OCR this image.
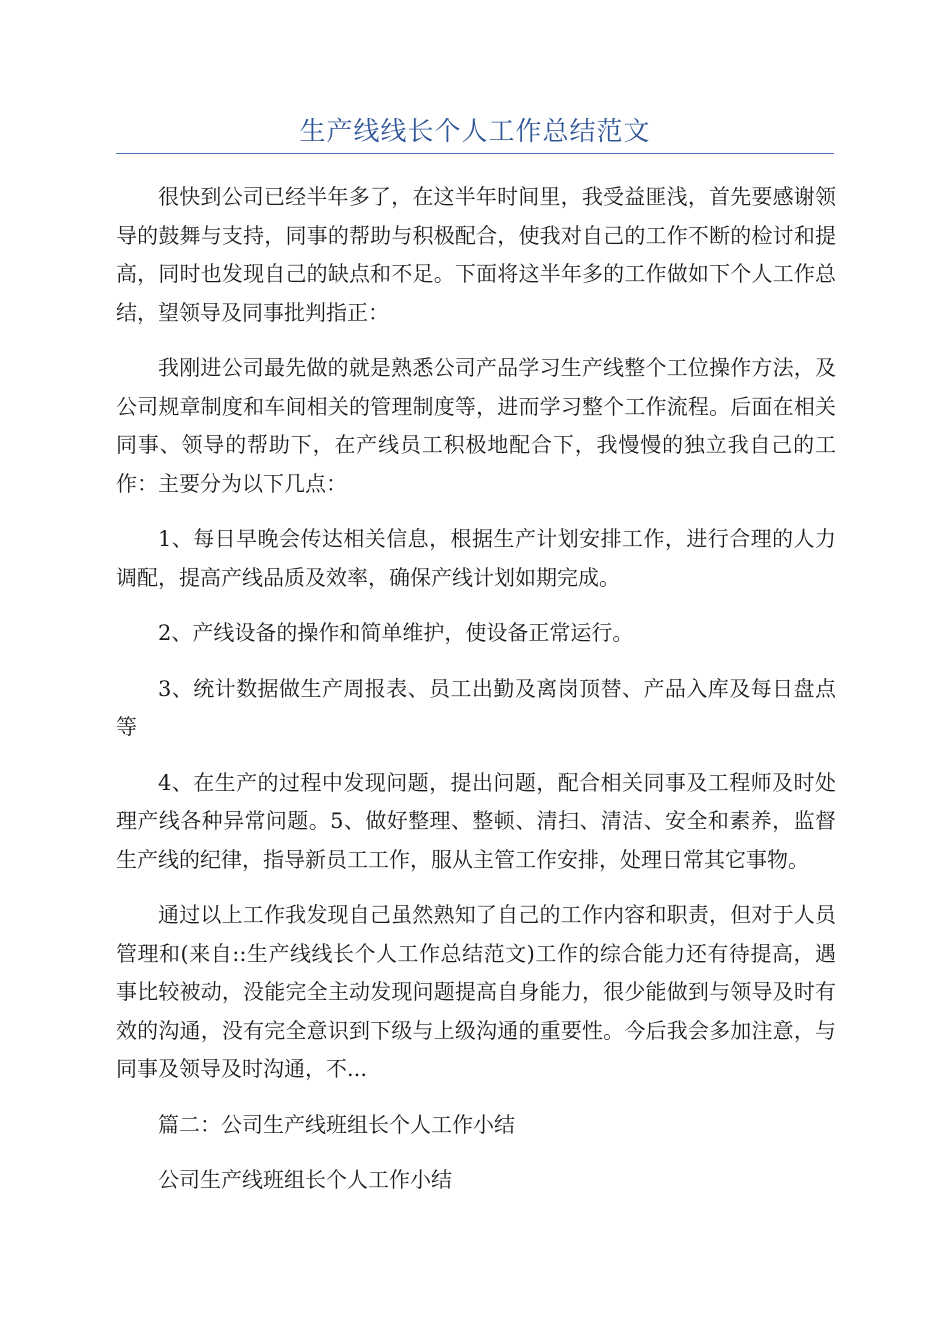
生产线线长个人工作总结范文

很快到公司已经半年多了，在这半年时间里，我受益匪浅，首先要感谢领导的鼓舞与支持，同事的帮助与积极配合，使我对自己的工作不断的检讨和提高，同时也发现自己的缺点和不足。下面将这半年多的工作做如下个人工作总结，望领导及同事批判指正：

我刚进公司最先做的就是熟悉公司产品学习生产线整个工位操作方法，及公司规章制度和车间相关的管理制度等，进而学习整个工作流程。后面在相关同事、领导的帮助下，在产线员工积极地配合下，我慢慢的独立我自己的工作：主要分为以下几点：

1、每日早晚会传达相关信息，根据生产计划安排工作，进行合理的人力调配，提高产线品质及效率，确保产线计划如期完成。

2、产线设备的操作和简单维护，使设备正常运行。

3、统计数据做生产周报表、员工出勤及离岗顶替、产品入库及每日盘点等

4、在生产的过程中发现问题，提出问题，配合相关同事及工程师及时处理产线各种异常问题。5、做好整理、整顿、清扫、清洁、安全和素养，监督生产线的纪律，指导新员工工作，服从主管工作安排，处理日常其它事物。

通过以上工作我发现自己虽然熟知了自己的工作内容和职责，但对于人员管理和(来自::生产线线长个人工作总结范文)工作的综合能力还有待提高，遇事比较被动，没能完全主动发现问题提高自身能力，很少能做到与领导及时有效的沟通，没有完全意识到下级与上级沟通的重要性。今后我会多加注意，与同事及领导及时沟通，不...

篇二：公司生产线班组长个人工作小结

公司生产线班组长个人工作小结
